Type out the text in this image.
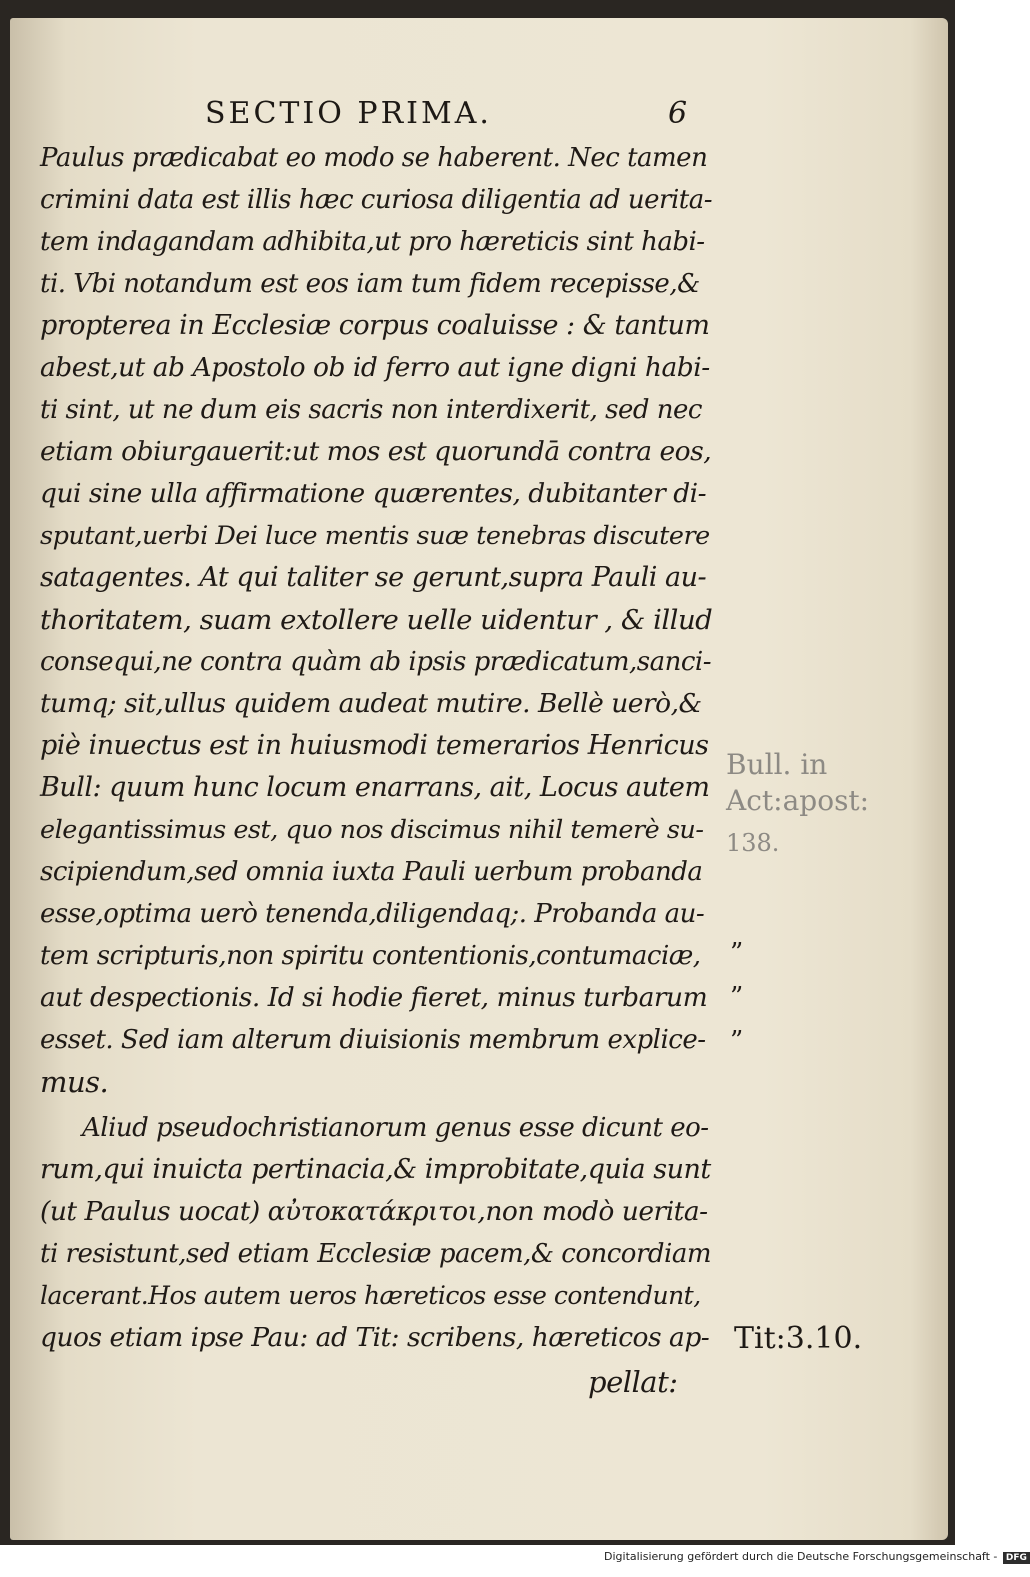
SECTIO PRIMA.	6
Paulus prædicabat eo modo se haberent. Nec tamen
crimini data est illis hæc curiosa diligentia ad uerita-
tem indagandam adhibita,ut pro hæreticis sint habi-
ti. Vbi notandum est eos iam tum fidem recepisse,&
propterea in Ecclesiæ corpus coaluisse : & tantum
abest,ut ab Apostolo ob id ferro aut igne digni habi-
ti sint, ut ne dum eis sacris non interdixerit, sed nec
etiam obiurgauerit:ut mos est quorundā contra eos,
qui sine ulla affirmatione quærentes, dubitanter di-
sputant,uerbi Dei luce mentis suæ tenebras discutere
satagentes. At qui taliter se gerunt,supra Pauli au-
thoritatem, suam extollere uelle uidentur , & illud
consequi,ne contra quàm ab ipsis prædicatum,sanci-
tumq; sit,ullus quidem audeat mutire. Bellè uerò,&
piè inuectus est in huiusmodi temerarios Henricus
Bull: quum hunc locum enarrans, ait, Locus autem
elegantissimus est, quo nos discimus nihil temerè su-
scipiendum,sed omnia iuxta Pauli uerbum probanda
esse,optima uerò tenenda,diligendaq;. Probanda au-
tem scripturis,non spiritu contentionis,contumaciæ,
aut despectionis. Id si hodie fieret, minus turbarum
esset. Sed iam alterum diuisionis membrum explice-
mus.
Aliud pseudochristianorum genus esse dicunt eo-
rum,qui inuicta pertinacia,& improbitate,quia sunt
(ut Paulus uocat) αὐτοκατάκριτοι,non modò uerita-
ti resistunt,sed etiam Ecclesiæ pacem,& concordiam
lacerant.Hos autem ueros hæreticos esse contendunt,
quos etiam ipse Pau: ad Tit: scribens, hæreticos ap-
pellat:
Bull. in
Act:apost:
138.
”
”
”
Tit:3.10.
Digitalisierung gefördert durch die Deutsche Forschungsgemeinschaft - DFG
